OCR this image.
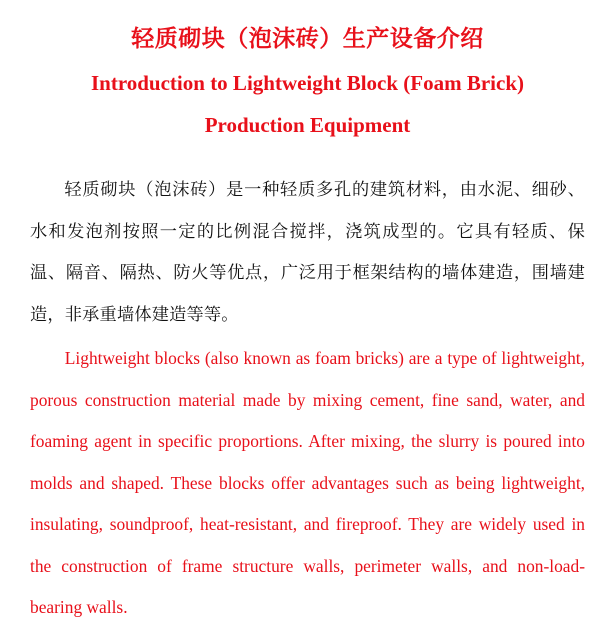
轻质砌块（泡沫砖）生产设备介绍
Introduction to Lightweight Block (Foam Brick)
Production Equipment

轻质砌块（泡沫砖）是一种轻质多孔的建筑材料，由水泥、细砂、水和发泡剂按照一定的比例混合搅拌，浇筑成型的。它具有轻质、保温、隔音、隔热、防火等优点，广泛用于框架结构的墙体建造，围墙建造，非承重墙体建造等等。

Lightweight blocks (also known as foam bricks) are a type of lightweight, porous construction material made by mixing cement, fine sand, water, and foaming agent in specific proportions. After mixing, the slurry is poured into molds and shaped. These blocks offer advantages such as being lightweight, insulating, soundproof, heat-resistant, and fireproof. They are widely used in the construction of frame structure walls, perimeter walls, and non-load-bearing walls.
